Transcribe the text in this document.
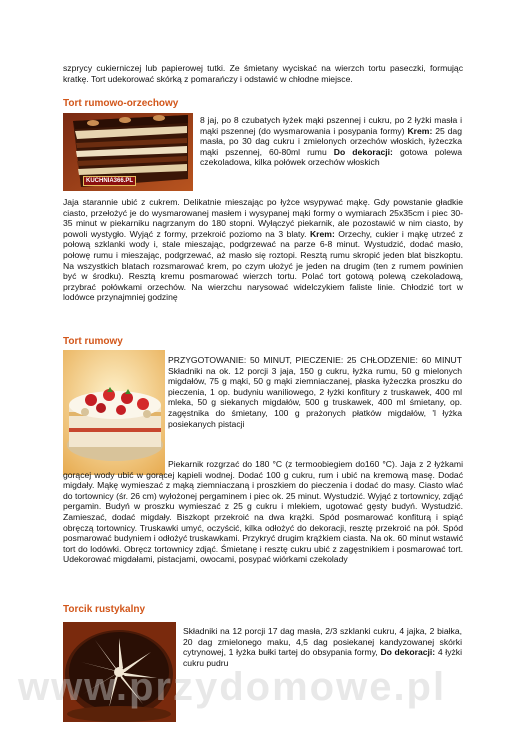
szprycy cukierniczej lub papierowej tutki. Ze śmietany wyciskać na wierzch tortu paseczki, formując kratkę. Tort udekorować skórką z pomarańczy i odstawić w chłodne miejsce.

Tort rumowo-orzechowy

KUCHNIA366.PL

8 jaj, po 8 czubatych łyżek mąki pszennej i cukru, po 2 łyżki masła i mąki pszennej (do wysmarowania i posypania formy) Krem: 25 dag masła, po 30 dag cukru i zmielonych orzechów włoskich, łyżeczka mąki pszennej, 60-80ml rumu Do dekoracji: gotowa polewa czekoladowa, kilka połówek orzechów włoskich

Jaja starannie ubić z cukrem. Delikatnie mieszając po łyżce wsypywać mąkę. Gdy powstanie gładkie ciasto, przełożyć je do wysmarowanej masłem i wysypanej mąki formy o wymiarach 25x35cm i piec 30-35 minut w piekarniku nagrzanym do 180 stopni. Wyłączyć piekarnik, ale pozostawić w nim ciasto, by powoli wystygło. Wyjąć z formy, przekroić poziomo na 3 blaty. Krem: Orzechy, cukier i mąkę utrzeć z połową szklanki wody i, stale mieszając, podgrzewać na parze 6-8 minut. Wystudzić, dodać masło, połowę rumu i mieszając, podgrzewać, aż masło się roztopi. Resztą rumu skropić jeden blat biszkoptu. Na wszystkich blatach rozsmarować krem, po czym ułożyć je jeden na drugim (ten z rumem powinien być w środku). Resztą kremu posmarować wierzch tortu. Polać tort gotową polewą czekoladową, przybrać połówkami orzechów. Na wierzchu narysować widelczykiem faliste linie. Chłodzić tort w lodówce przynajmniej godzinę

Tort rumowy

PRZYGOTOWANIE: 50 MINUT, PIECZENIE: 25 CHŁODZENIE: 60 MINUT Składniki na ok. 12 porcji 3 jaja, 150 g cukru, łyżka rumu, 50 g mielonych migdałów, 75 g mąki, 50 g mąki ziemniaczanej, płaska łyżeczka proszku do pieczenia, 1 op. budyniu waniliowego, 2 łyżki konfitury z truskawek, 400 ml mleka, 50 g siekanych migdałów, 500 g truskawek, 400 ml śmietany, op. zagęstnika do śmietany, 100 g prażonych płatków migdałów, 'l łyżka posiekanych pistacji

Piekarnik rozgrzać do 180 °C (z termoobiegiem do160 °C). Jaja z 2 łyżkami gorącej wody ubić w gorącej kąpieli wodnej. Dodać 100 g cukru, rum i ubić na kremową masę. Dodać migdały. Mąkę wymieszać z mąką ziemniaczaną i proszkiem do pieczenia i dodać do masy. Ciasto wlać do tortownicy (śr. 26 cm) wyłożonej pergaminem i piec ok. 25 minut. Wystudzić. Wyjąć z tortownicy, zdjąć pergamin. Budyń w proszku wymieszać z 25 g cukru i mlekiem, ugotować gęsty budyń. Wystudzić. Zamieszać, dodać migdały. Biszkopt przekroić na dwa krążki. Spód posmarować konfiturą i spiąć obręczą tortownicy. Truskawki umyć, oczyścić, kilka odłożyć do dekoracji, resztę przekroić na pół. Spód posmarować budyniem i odłożyć truskawkami. Przykryć drugim krążkiem ciasta. Na ok. 60 minut wstawić tort do lodówki. Obręcz tortownicy zdjąć. Śmietanę i resztę cukru ubić z zagęstnikiem i posmarować tort. Udekorować migdałami, pistacjami, owocami, posypać wiórkami czekolady

Torcik rustykalny

Składniki na 12 porcji 17 dag masła, 2/3 szklanki cukru, 4 jajka, 2 białka, 20 dag zmielonego maku, 4,5 dag posiekanej kandyzowanej skórki cytrynowej, 1 łyżka bułki tartej do obsypania formy, Do dekoracji: 4 łyżki cukru pudru

www.przydomowe.pl
